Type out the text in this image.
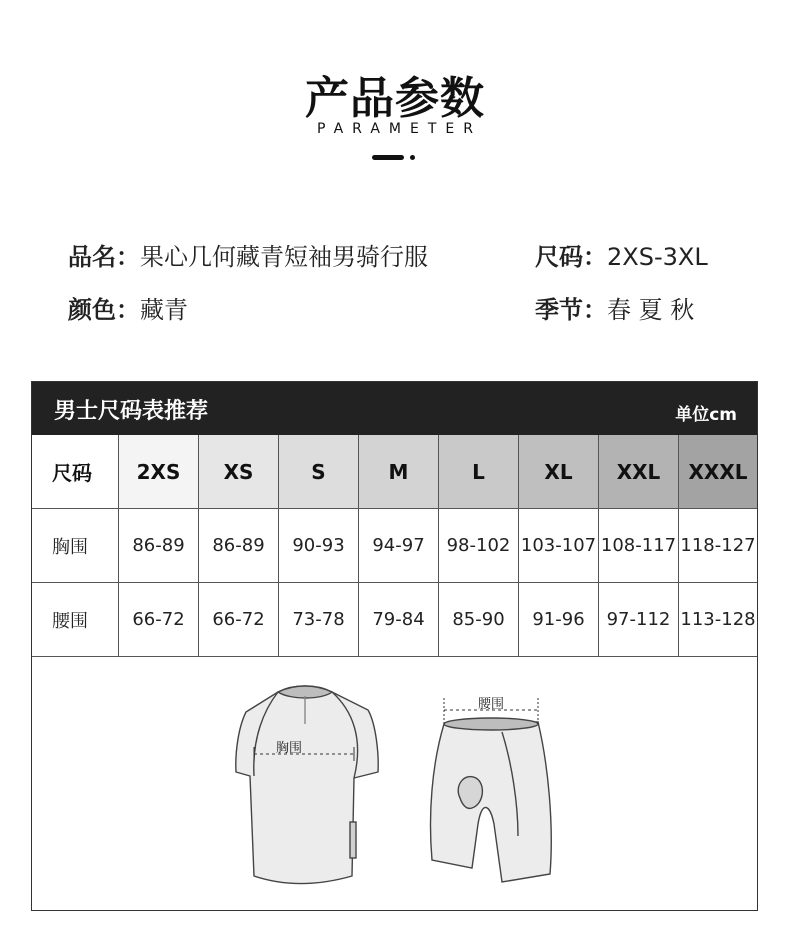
产品参数
PARAMETER
品名：果心几何藏青短袖男骑行服	尺码：2XS-3XL
颜色：藏青	季节：春 夏 秋
男士尺码表推荐	单位cm
尺码	2XS	XS	S	M	L	XL	XXL	XXXL
胸围	86-89	86-89	90-93	94-97	98-102 103-107 108-117 118-127
腰围	66-72	66-72	73-78	79-84	85-90	91-96	97-112 113-128
胸围
腰围
